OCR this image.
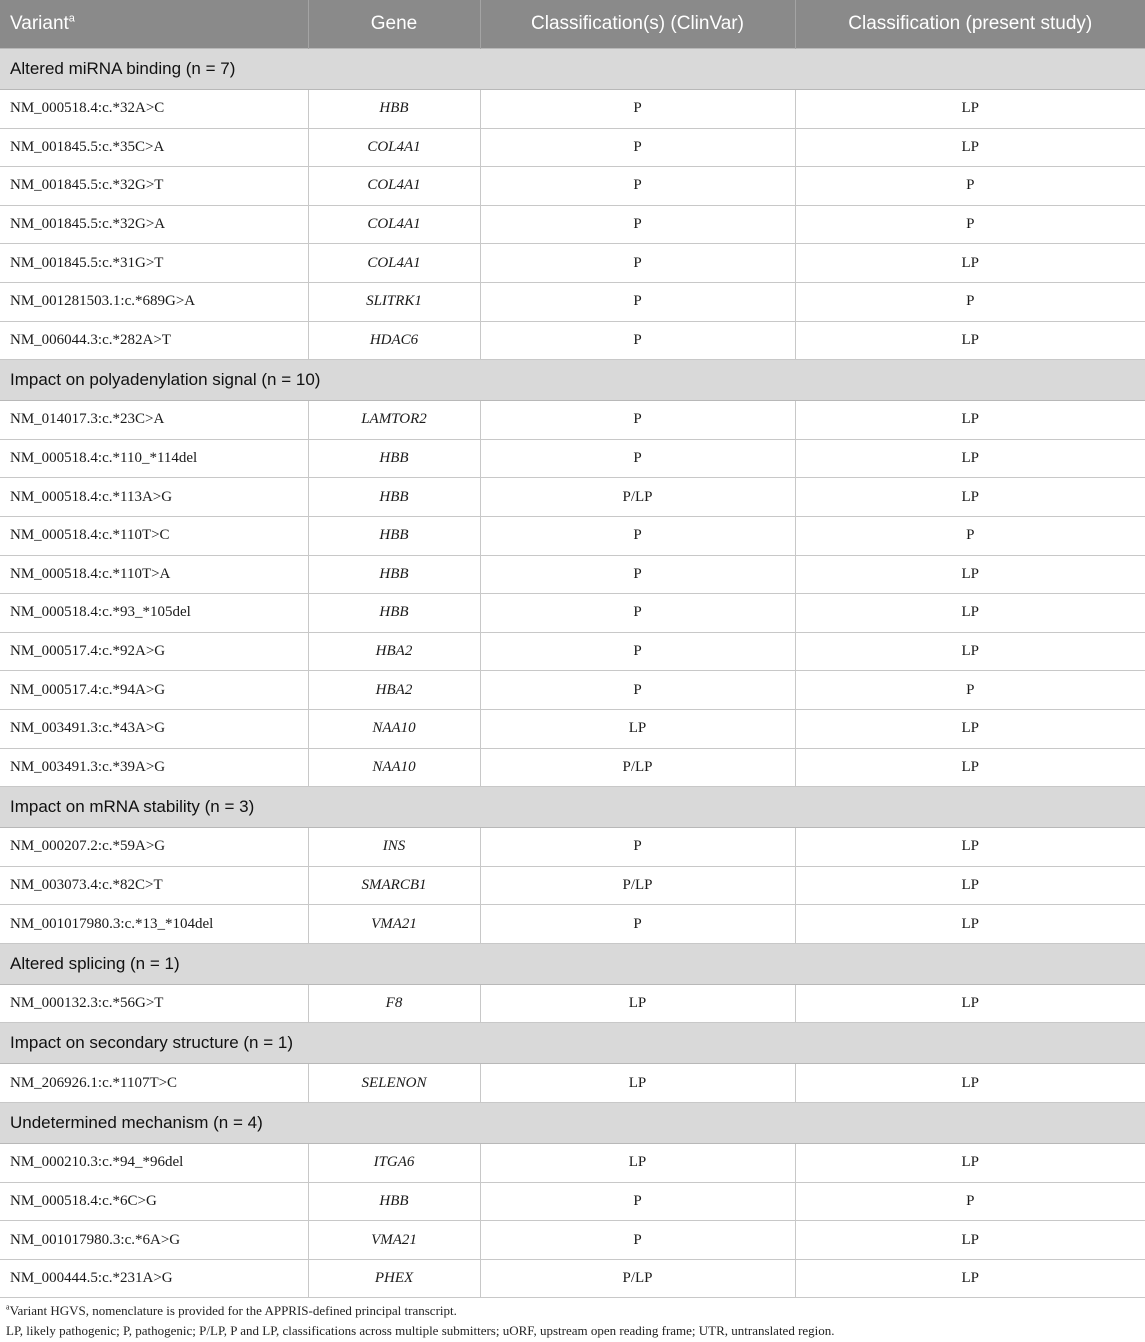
Variant$^a$	Gene	Classification(s) (ClinVar)	Classification (present study)
Altered miRNA binding (n = 7)			
NM_000518.4:c.*32A>C	HBB	P	LP
NM_001845.5:c.*35C>A	COL4A1	P	LP
NM_001845.5:c.*32G>T	COL4A1	P	P
NM_001845.5:c.*32G>A	COL4A1	P	P
NM_001845.5:c.*31G>T	COL4A1	P	LP
NM_001281503.1:c.*689G>A	SLITRK1	P	P
NM_006044.3:c.*282A>T	HDAC6	P	LP
Impact on polyadenylation signal (n = 10)			
NM_014017.3:c.*23C>A	LAMTOR2	P	LP
NM_000518.4:c.*110_*114del	HBB	P	LP
NM_000518.4:c.*113A>G	HBB	P/LP	LP
NM_000518.4:c.*110T>C	HBB	P	P
NM_000518.4:c.*110T>A	HBB	P	LP
NM_000518.4:c.*93_*105del	HBB	P	LP
NM_000517.4:c.*92A>G	HBA2	P	LP
NM_000517.4:c.*94A>G	HBA2	P	P
NM_003491.3:c.*43A>G	NAA10	LP	LP
NM_003491.3:c.*39A>G	NAA10	P/LP	LP
Impact on mRNA stability (n = 3)			
NM_000207.2:c.*59A>G	INS	P	LP
NM_003073.4:c.*82C>T	SMARCB1	P/LP	LP
NM_001017980.3:c.*13_*104del	VMA21	P	LP
Altered splicing (n = 1)			
NM_000132.3:c.*56G>T	F8	LP	LP
Impact on secondary structure (n = 1)			
NM_206926.1:c.*1107T>C	SELENON	LP	LP
Undetermined mechanism (n = 4)			
NM_000210.3:c.*94_*96del	ITGA6	LP	LP
NM_000518.4:c.*6C>G	HBB	P	P
NM_001017980.3:c.*6A>G	VMA21	P	LP
NM_000444.5:c.*231A>G	PHEX	P/LP	LP
$^a$Variant HGVS, nomenclature is provided for the APPRIS-defined principal transcript.
LP, likely pathogenic; P, pathogenic; P/LP, P and LP, classifications across multiple submitters; uORF, upstream open reading frame; UTR, untranslated region.
